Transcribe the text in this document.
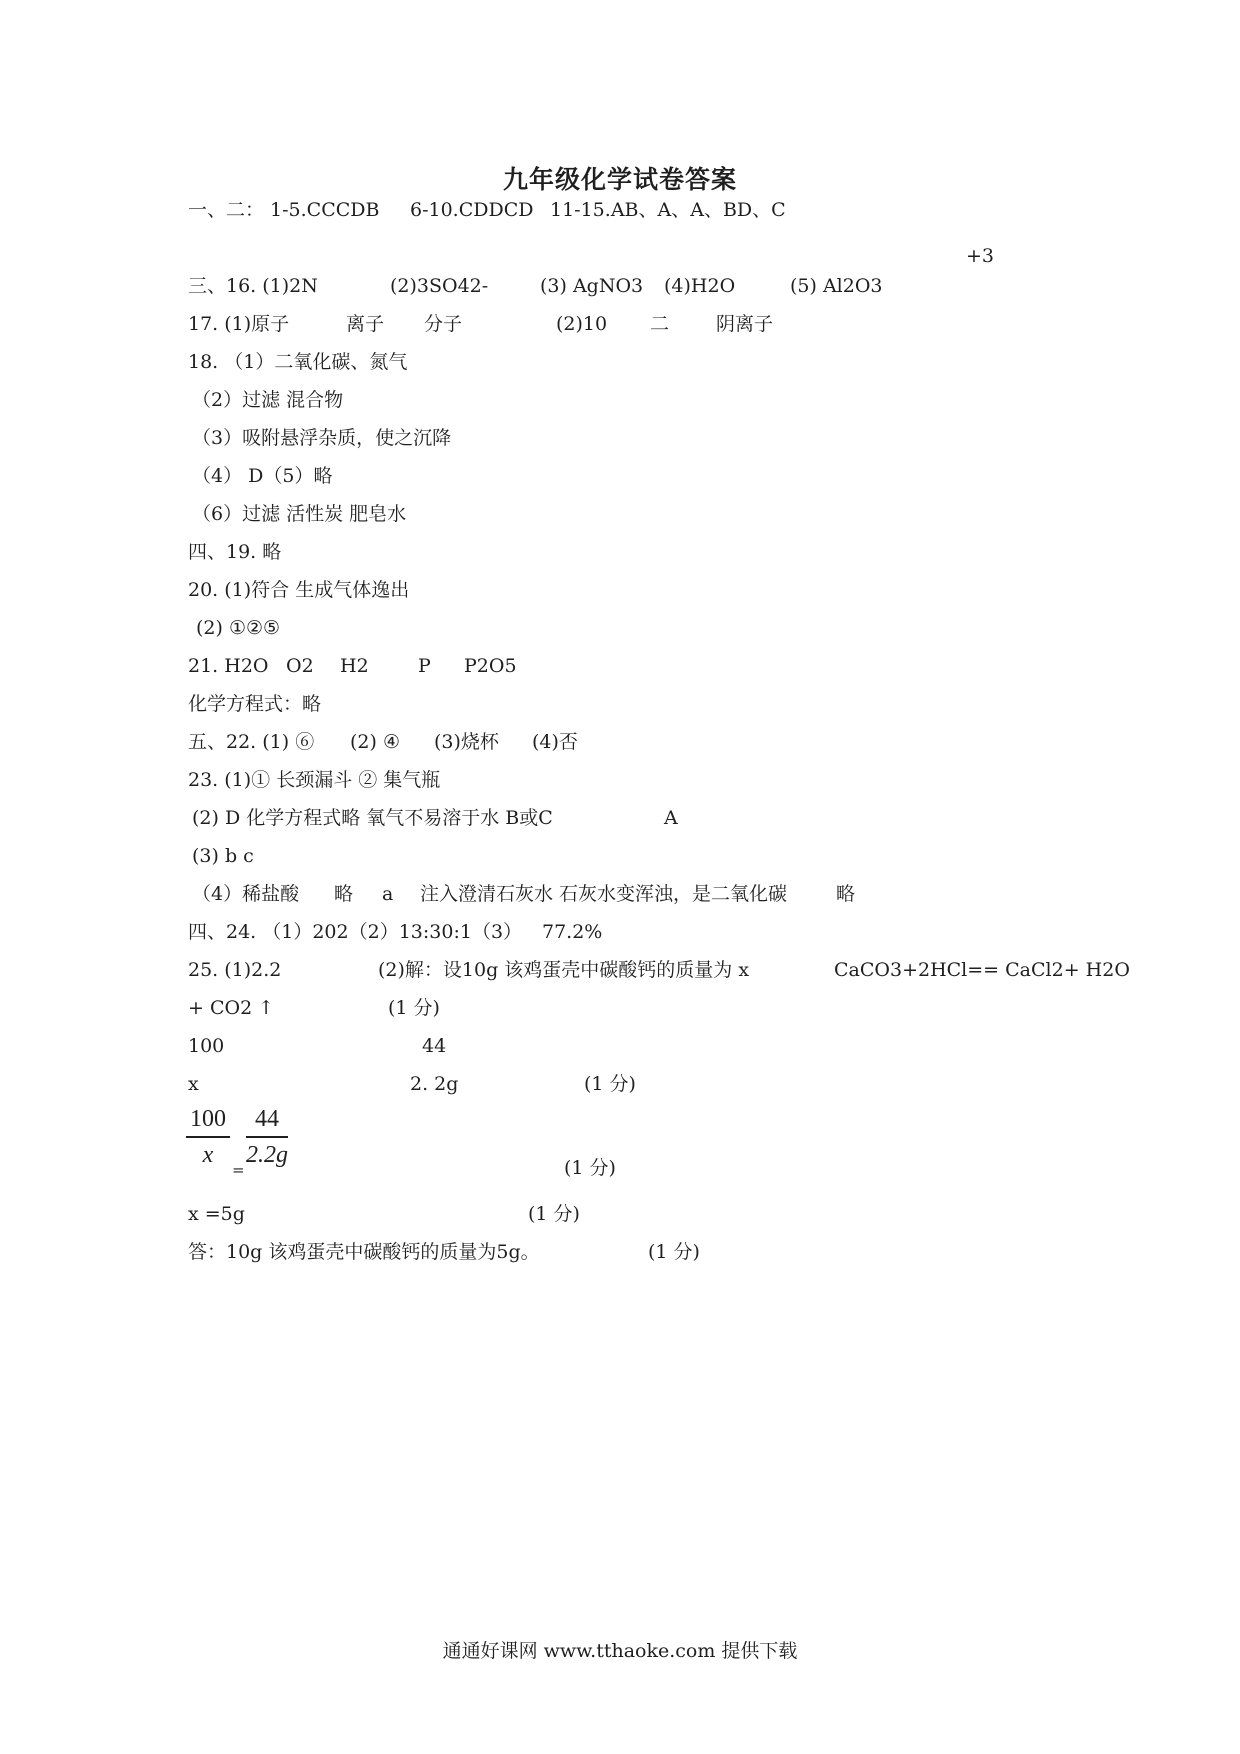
九年级化学试卷答案
一、二： 1-5.CCCDB 6-10.CDDCD 11-15.AB、A、A、BD、C
+3
三、16. (1)2N	(2)3SO42-	(3) AgNO3 (4)H2O	(5) Al2O3
17. (1)原子	离子 分子	(2)10 二 阴离子
18. （1）二氧化碳、氮气
（2）过滤 混合物
（3）吸附悬浮杂质，使之沉降
（4） D（5）略
（6）过滤 活性炭 肥皂水
四、19. 略
20. (1)符合 生成气体逸出
(2) ①②⑤
21. H2O O2 H2	P P2O5
化学方程式：略
五、22. (1) ⑥ (2) ④ (3)烧杯 (4)否
23. (1)① 长颈漏斗 ② 集气瓶
(2) D 化学方程式略 氧气不易溶于水 B或C	A
(3) b c
（4）稀盐酸 略 a 注入澄清石灰水 石灰水变浑浊，是二氧化碳	略
四、24. （1）202（2）13:30:1（3） 77.2%
25. (1)2.2	(2)解：设10g 该鸡蛋壳中碳酸钙的质量为 x	CaCO3+2HCl== CaCl2+ H2O
+ CO2 ↑	(1 分)
100	44
x	2. 2g	(1 分)
100
x
=
44
2.2g	(1 分)
x =5g	(1 分)
答：10g 该鸡蛋壳中碳酸钙的质量为5g。	(1 分)
通通好课网 www.tthaoke.com 提供下载
